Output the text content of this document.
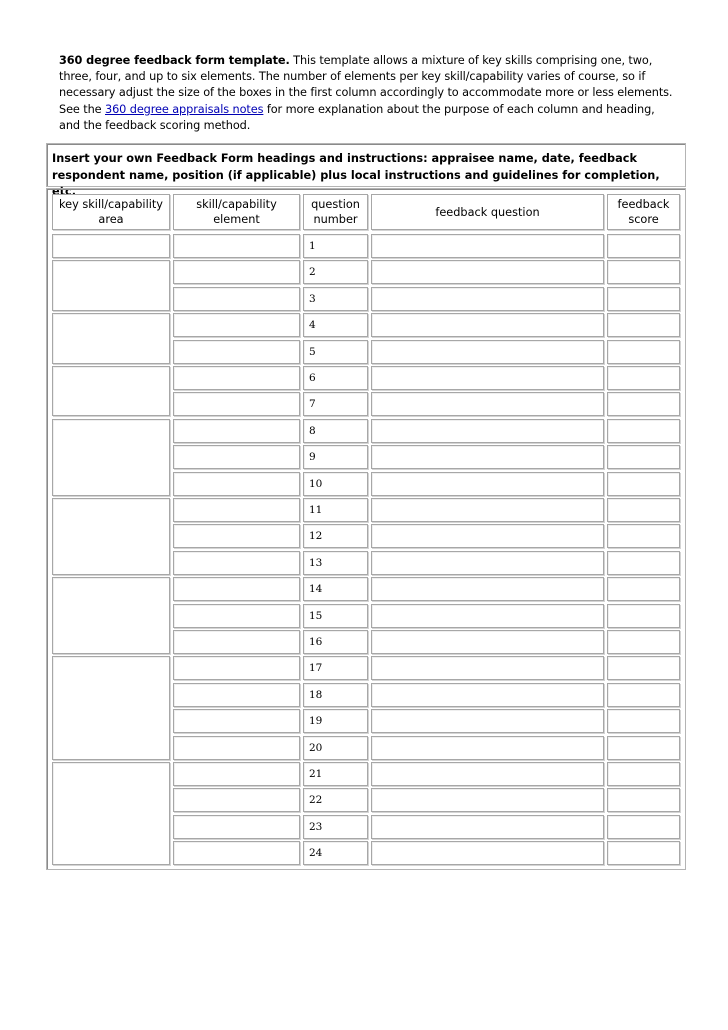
360 degree feedback form template. This template allows a mixture of key skills comprising one, two, three, four, and up to six elements. The number of elements per key skill/capability varies of course, so if necessary adjust the size of the boxes in the first column accordingly to accommodate more or less elements. See the 360 degree appraisals notes for more explanation about the purpose of each column and heading, and the feedback scoring method.
Insert your own Feedback Form headings and instructions: appraisee name, date, feedback respondent name, position (if applicable) plus local instructions and guidelines for completion, etc.
key skill/capability area
skill/capability element
question number
feedback question
feedback score
1
2
3
4
5
6
7
8
9
10
11
12
13
14
15
16
17
18
19
20
21
22
23
24
